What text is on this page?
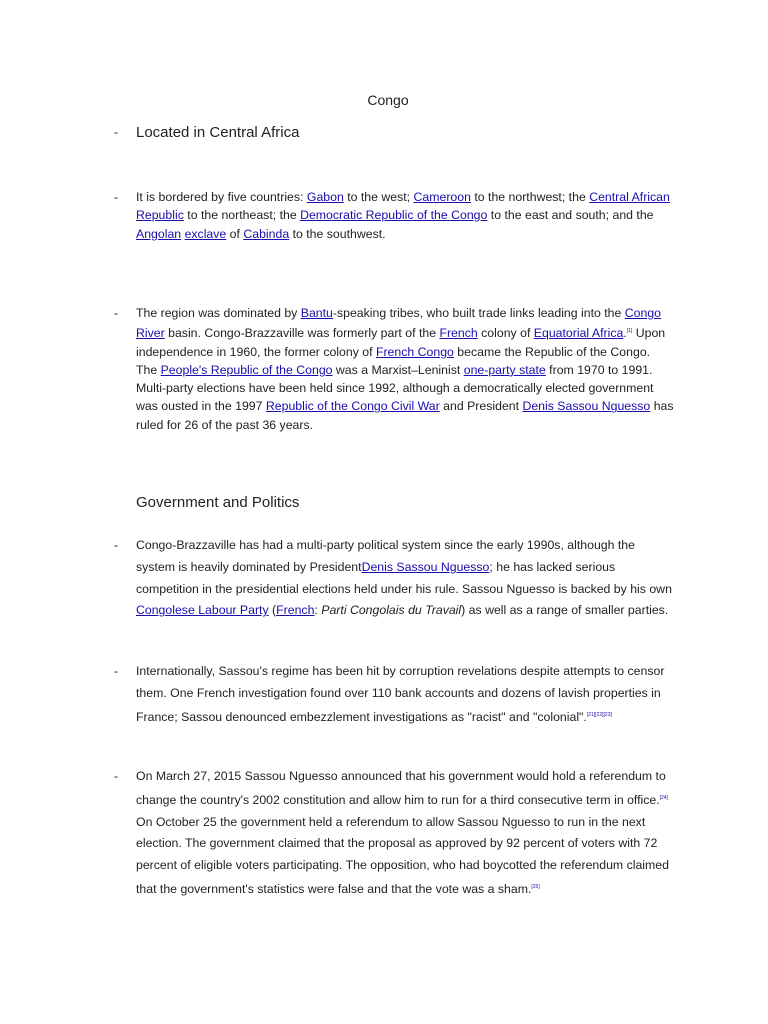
Congo
- Located in Central Africa
- It is bordered by five countries: Gabon to the west; Cameroon to the northwest; the Central African Republic to the northeast; the Democratic Republic of the Congo to the east and south; and the Angolan exclave of Cabinda to the southwest.
- The region was dominated by Bantu-speaking tribes, who built trade links leading into the Congo River basin. Congo-Brazzaville was formerly part of the French colony of Equatorial Africa.[1] Upon independence in 1960, the former colony of French Congo became the Republic of the Congo. The People's Republic of the Congo was a Marxist–Leninist one-party state from 1970 to 1991. Multi-party elections have been held since 1992, although a democratically elected government was ousted in the 1997 Republic of the Congo Civil War and President Denis Sassou Nguesso has ruled for 26 of the past 36 years.
Government and Politics
- Congo-Brazzaville has had a multi-party political system since the early 1990s, although the system is heavily dominated by PresidentDenis Sassou Nguesso; he has lacked serious competition in the presidential elections held under his rule. Sassou Nguesso is backed by his own Congolese Labour Party (French: Parti Congolais du Travail) as well as a range of smaller parties.
- Internationally, Sassou's regime has been hit by corruption revelations despite attempts to censor them. One French investigation found over 110 bank accounts and dozens of lavish properties in France; Sassou denounced embezzlement investigations as "racist" and "colonial".[21][22][23]
- On March 27, 2015 Sassou Nguesso announced that his government would hold a referendum to change the country's 2002 constitution and allow him to run for a third consecutive term in office.[24] On October 25 the government held a referendum to allow Sassou Nguesso to run in the next election. The government claimed that the proposal as approved by 92 percent of voters with 72 percent of eligible voters participating. The opposition, who had boycotted the referendum claimed that the government's statistics were false and that the vote was a sham.[25]
